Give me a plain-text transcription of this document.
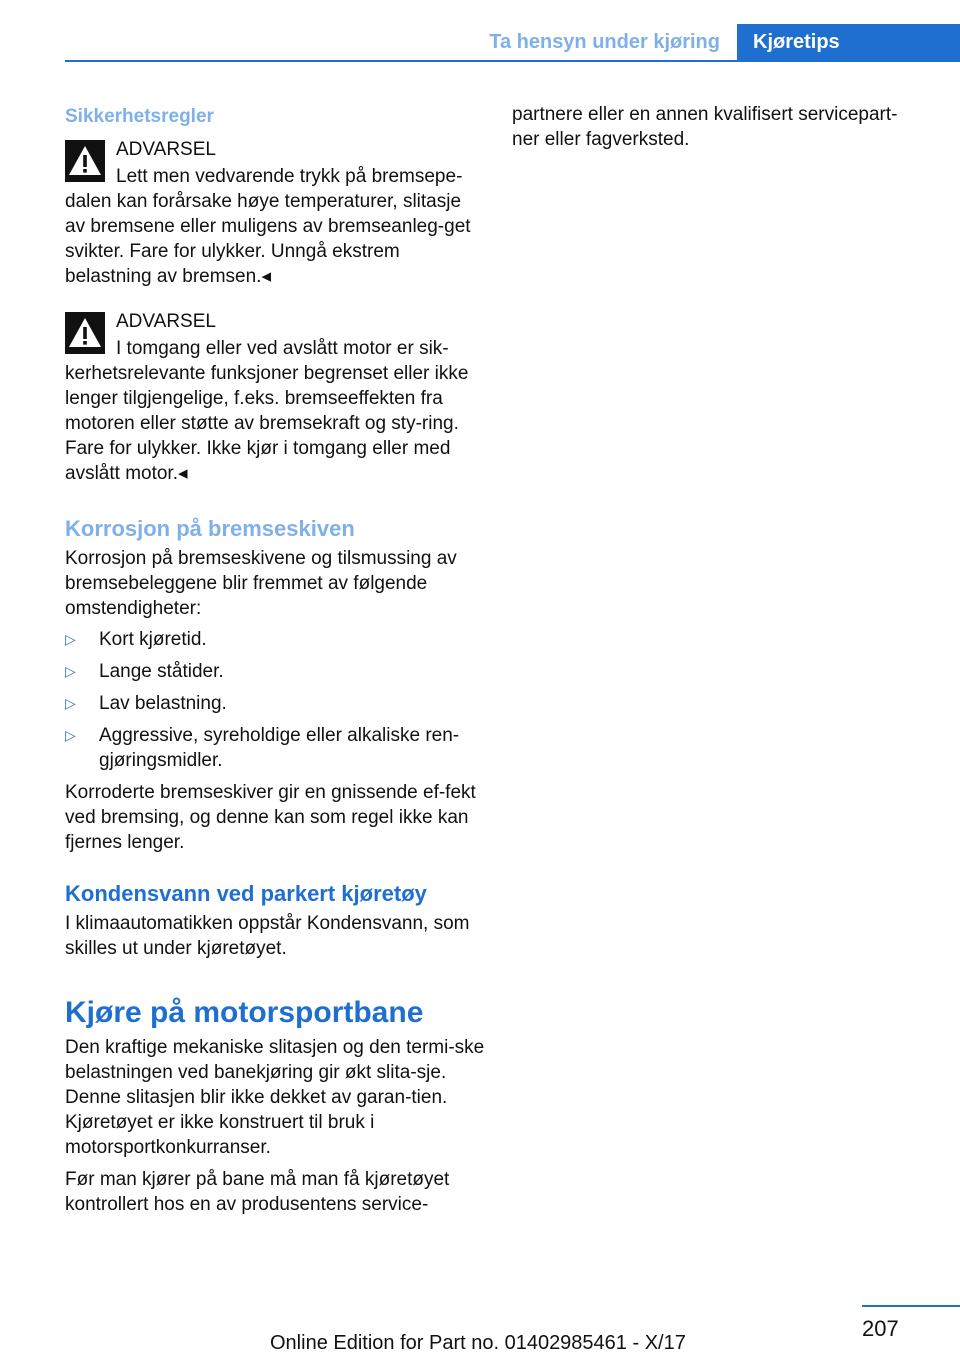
Ta hensyn under kjøring Kjøretips
Sikkerhetsregler
ADVARSEL

Lett men vedvarende trykk på bremsepe-

dalen kan forårsake høye temperaturer, slitasje av bremsene eller muligens av bremseanleg-get svikter. Fare for ulykker. Unngå ekstrem belastning av bremsen.◂

ADVARSEL

I tomgang eller ved avslått motor er sik-

kerhetsrelevante funksjoner begrenset eller ikke lenger tilgjengelige, f.eks. bremseeffekten fra motoren eller støtte av bremsekraft og sty-ring. Fare for ulykker. Ikke kjør i tomgang eller med avslått motor.◂

Korrosjon på bremseskiven

Korrosjon på bremseskivene og tilsmussing av bremsebeleggene blir fremmet av følgende omstendigheter:

▷ Kort kjøretid.
▷ Lange ståtider.
▷ Lav belastning.
▷ Aggressive, syreholdige eller alkaliske ren-gjøringsmidler.

Korroderte bremseskiver gir en gnissende ef-fekt ved bremsing, og denne kan som regel ikke kan fjernes lenger.

Kondensvann ved parkert kjøretøy

I klimaautomatikken oppstår Kondensvann, som skilles ut under kjøretøyet.

Kjøre på motorsportbane

Den kraftige mekaniske slitasjen og den termi-ske belastningen ved banekjøring gir økt slita-sje. Denne slitasjen blir ikke dekket av garan-tien. Kjøretøyet er ikke konstruert til bruk i motorsportkonkurranser.

Før man kjører på bane må man få kjøretøyet kontrollert hos en av produsentens service-

partnere eller en annen kvalifisert servicepart-ner eller fagverksted.

207
Online Edition for Part no. 01402985461 - X/17
